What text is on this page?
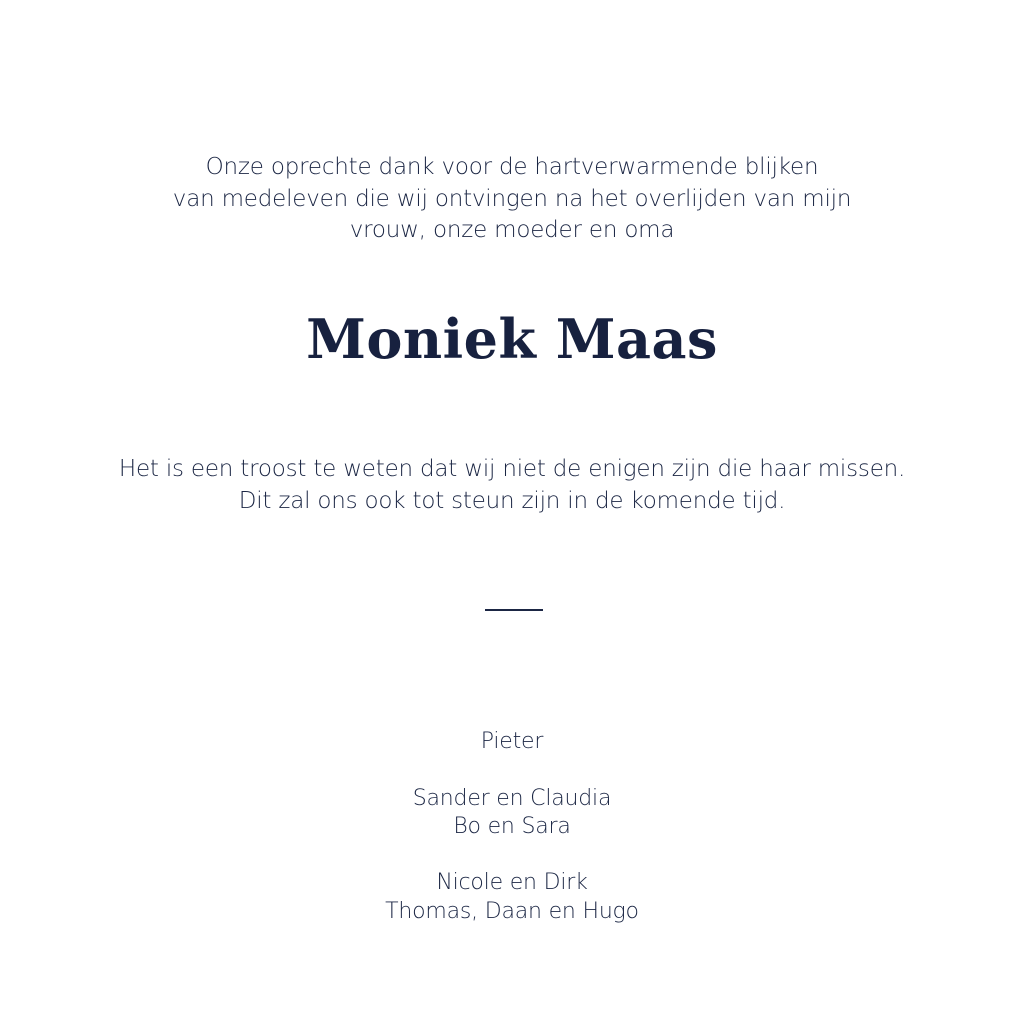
Onze oprechte dank voor de hartverwarmende blijken
van medeleven die wij ontvingen na het overlijden van mijn
vrouw, onze moeder en oma
Moniek Maas
Het is een troost te weten dat wij niet de enigen zijn die haar missen.
Dit zal ons ook tot steun zijn in de komende tijd.
Pieter
Sander en Claudia
Bo en Sara
Nicole en Dirk
Thomas, Daan en Hugo
